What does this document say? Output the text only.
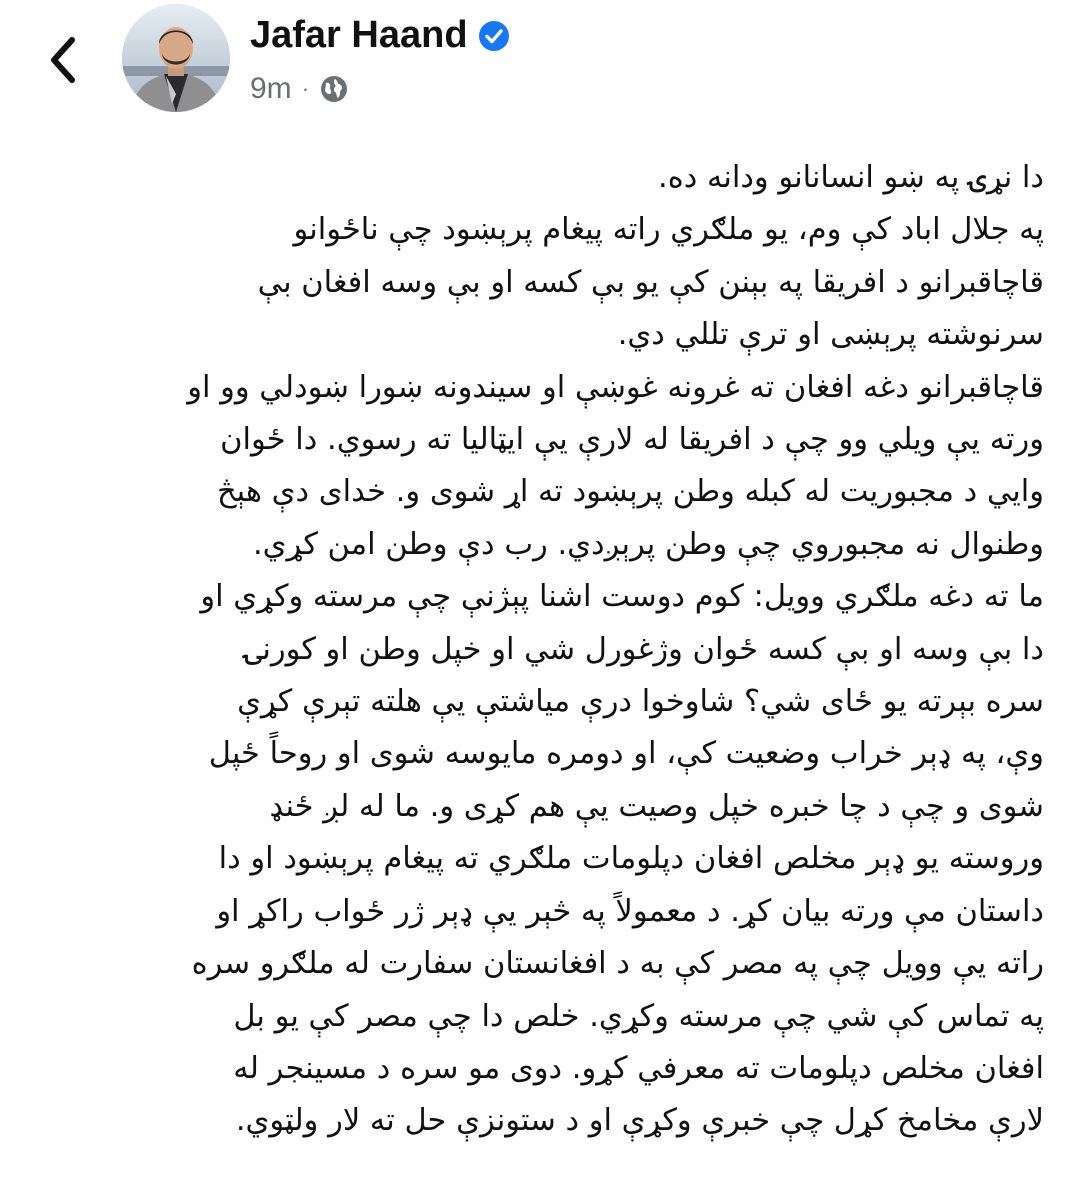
Jafar Haand
9m ·
دا نړۍ په ښو انسانانو ودانه ده.
په جلال اباد کې وم، یو ملګري راته پیغام پرېښود چې ناځوانو
قاچاقبرانو د افریقا په بېنن کې یو بې کسه او بې وسه افغان بې
سرنوشته پرېښی او ترې تللي دي.
قاچاقبرانو دغه افغان ته غرونه غوښې او سیندونه ښورا ښودلي وو او
ورته یې ویلي وو چې د افریقا له لارې یې ایټالیا ته رسوي. دا ځوان
وایي د مجبوریت له کبله وطن پرېښود ته اړ شوی و. خدای دې هېڅ
وطنوال نه مجبوروي چې وطن پرېږدي. رب دې وطن امن کړي.
ما ته دغه ملګري وویل: کوم دوست اشنا پېژنې چې مرسته وکړي او
دا بې وسه او بې کسه ځوان وژغورل شي او خپل وطن او کورنۍ
سره بېرته یو ځای شي؟ شاوخوا درې میاشتې یې هلته تېرې کړې
وې، په ډېر خراب وضعیت کې، او دومره مایوسه شوی او روحاً ځپل
شوی و چې د چا خبره خپل وصیت یې هم کړی و. ما له لږ ځنډ
وروسته یو ډېر مخلص افغان دپلومات ملګري ته پیغام پرېښود او دا
داستان مې ورته بیان کړ. د معمولاً په څېر یې ډېر ژر ځواب راکړ او
راته یې وویل چې په مصر کې به د افغانستان سفارت له ملګرو سره
په تماس کې شي چې مرسته وکړي. خلص دا چې مصر کې یو بل
افغان مخلص دپلومات ته معرفي کړو. دوی مو سره د مسینجر له
لارې مخامخ کړل چې خبرې وکړې او د ستونزې حل ته لار ولټوي.
